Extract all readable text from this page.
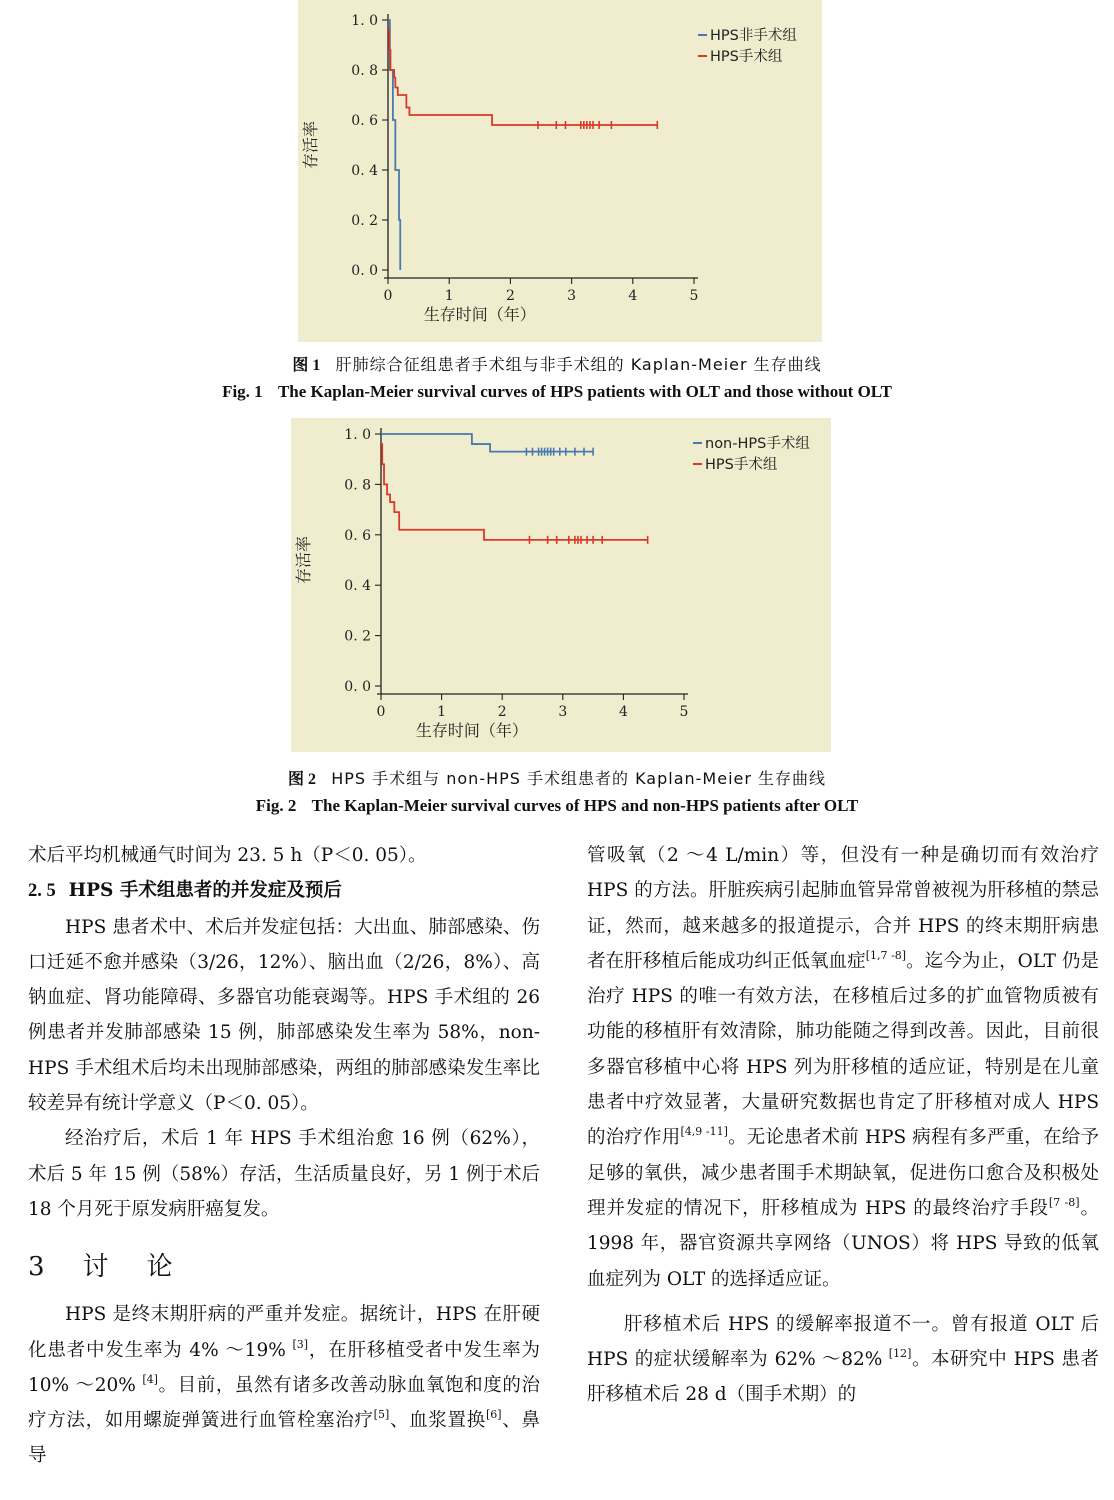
0. 0
0. 2
0. 4
0. 6
0. 8
1. 0
0	1	2	3	4	5
生存时间（年）
存活率
HPS非手术组
HPS手术组
图 1 肝肺综合征组患者手术组与非手术组的 Kaplan-Meier 生存曲线
Fig. 1 The Kaplan-Meier survival curves of HPS patients with OLT and those without OLT
0. 0
0. 2
0. 4
0. 6
0. 8
1. 0
0	1	2	3	4	5
生存时间（年）
存活率
non-HPS手术组
HPS手术组
图 2 HPS 手术组与 non-HPS 手术组患者的 Kaplan-Meier 生存曲线
Fig. 2 The Kaplan-Meier survival curves of HPS and non-HPS patients after OLT

术后平均机械通气时间为 23. 5 h（P＜0. 05）。

2. 5 HPS 手术组患者的并发症及预后

HPS 患者术中、术后并发症包括：大出血、肺部感染、伤口迁延不愈并感染（3/26，12%）、脑出血（2/26，8%）、高钠血症、肾功能障碍、多器官功能衰竭等。HPS 手术组的 26 例患者并发肺部感染 15 例，肺部感染发生率为 58%，non-HPS 手术组术后均未出现肺部感染，两组的肺部感染发生率比较差异有统计学意义（P＜0. 05）。

经治疗后，术后 1 年 HPS 手术组治愈 16 例（62%），术后 5 年 15 例（58%）存活，生活质量良好，另 1 例于术后 18 个月死于原发病肝癌复发。

3　讨　论

HPS 是终末期肝病的严重并发症。据统计，HPS 在肝硬化患者中发生率为 4% ～19% [3]，在肝移植受者中发生率为 10% ～20% [4]。目前，虽然有诸多改善动脉血氧饱和度的治疗方法，如用螺旋弹簧进行血管栓塞治疗[5]、血浆置换[6]、鼻导

管吸氧（2 ～4 L/min）等，但没有一种是确切而有效治疗 HPS 的方法。肝脏疾病引起肺血管异常曾被视为肝移植的禁忌证，然而，越来越多的报道提示，合并 HPS 的终末期肝病患者在肝移植后能成功纠正低氧血症[1,7 -8]。迄今为止，OLT 仍是治疗 HPS 的唯一有效方法，在移植后过多的扩血管物质被有功能的移植肝有效清除，肺功能随之得到改善。因此，目前很多器官移植中心将 HPS 列为肝移植的适应证，特别是在儿童患者中疗效显著，大量研究数据也肯定了肝移植对成人 HPS 的治疗作用[4,9 -11]。无论患者术前 HPS 病程有多严重，在给予足够的氧供，减少患者围手术期缺氧，促进伤口愈合及积极处理并发症的情况下，肝移植成为 HPS 的最终治疗手段[7 -8]。1998 年，器官资源共享网络（UNOS）将 HPS 导致的低氧血症列为 OLT 的选择适应证。

肝移植术后 HPS 的缓解率报道不一。曾有报道 OLT 后 HPS 的症状缓解率为 62% ～82% [12]。本研究中 HPS 患者肝移植术后 28 d（围手术期）的
